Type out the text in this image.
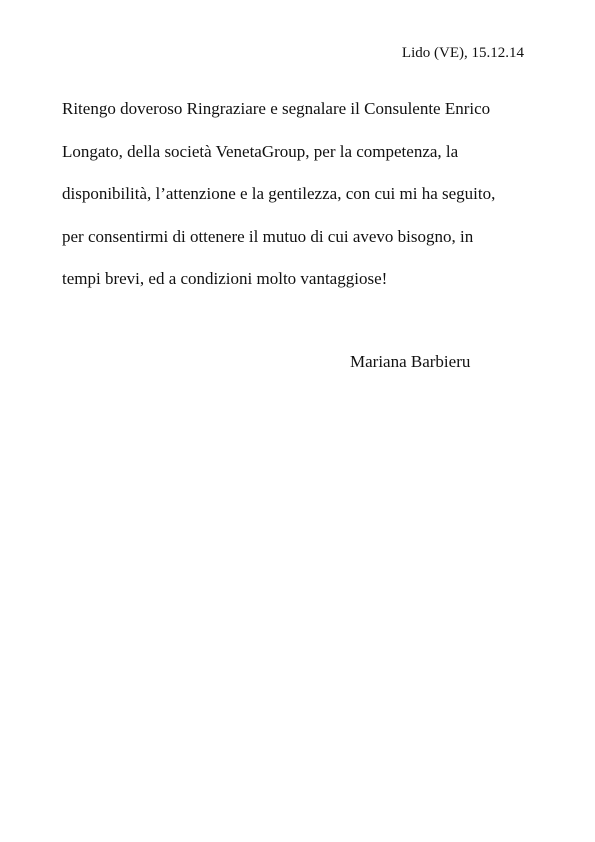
Lido (VE), 15.12.14
Ritengo doveroso Ringraziare e segnalare il Consulente Enrico
Longato, della società VenetaGroup, per la competenza, la
disponibilità, l’attenzione e la gentilezza, con cui mi ha seguito,
per consentirmi di ottenere il mutuo di cui avevo bisogno, in
tempi brevi, ed a condizioni molto vantaggiose!
Mariana Barbieru
